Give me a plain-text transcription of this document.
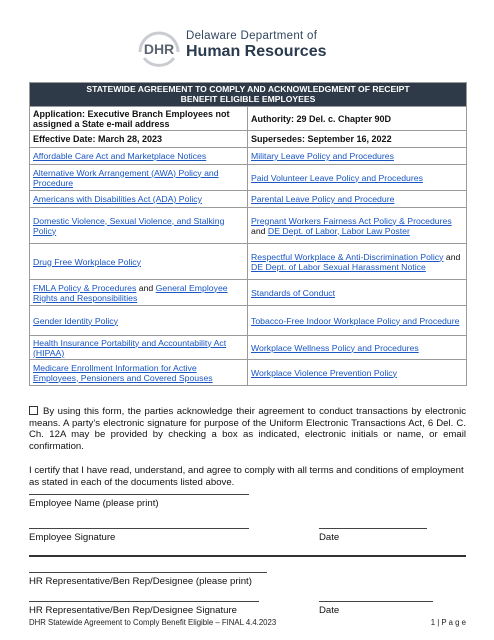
DHR
Delaware Department of
Human Resources
STATEWIDE AGREEMENT TO COMPLY AND ACKNOWLEDGMENT OF RECEIPT
BENEFIT ELIGIBLE EMPLOYEES	

Application: Executive Branch Employees not assigned a State e-mail address	Authority: 29 Del. c. Chapter 90D
Effective Date: March 28, 2023	Supersedes: September 16, 2022
Affordable Care Act and Marketplace Notices	Military Leave Policy and Procedures
Alternative Work Arrangement (AWA) Policy and Procedure	Paid Volunteer Leave Policy and Procedures
Americans with Disabilities Act (ADA) Policy	Parental Leave Policy and Procedure
Domestic Violence, Sexual Violence, and Stalking Policy	Pregnant Workers Fairness Act Policy & Procedures and DE Dept. of Labor, Labor Law Poster
Drug Free Workplace Policy	Respectful Workplace & Anti-Discrimination Policy and DE Dept. of Labor Sexual Harassment Notice
FMLA Policy & Procedures and General Employee Rights and Responsibilities	Standards of Conduct
Gender Identity Policy	Tobacco-Free Indoor Workplace Policy and Procedure
Health Insurance Portability and Accountability Act (HIPAA)	Workplace Wellness Policy and Procedures
Medicare Enrollment Information for Active Employees, Pensioners and Covered Spouses	Workplace Violence Prevention Policy
By using this form, the parties acknowledge their agreement to conduct transactions by electronic means. A party’s electronic signature for purpose of the Uniform Electronic Transactions Act, 6 Del. C. Ch. 12A may be provided by checking a box as indicated, electronic initials or name, or email confirmation.
I certify that I have read, understand, and agree to comply with all terms and conditions of employment as stated in each of the documents listed above.
Employee Name (please print)
Employee Signature	Date
HR Representative/Ben Rep/Designee (please print)
HR Representative/Ben Rep/Designee Signature	Date
DHR Statewide Agreement to Comply Benefit Eligible – FINAL 4.4.2023	1 | P a g e
